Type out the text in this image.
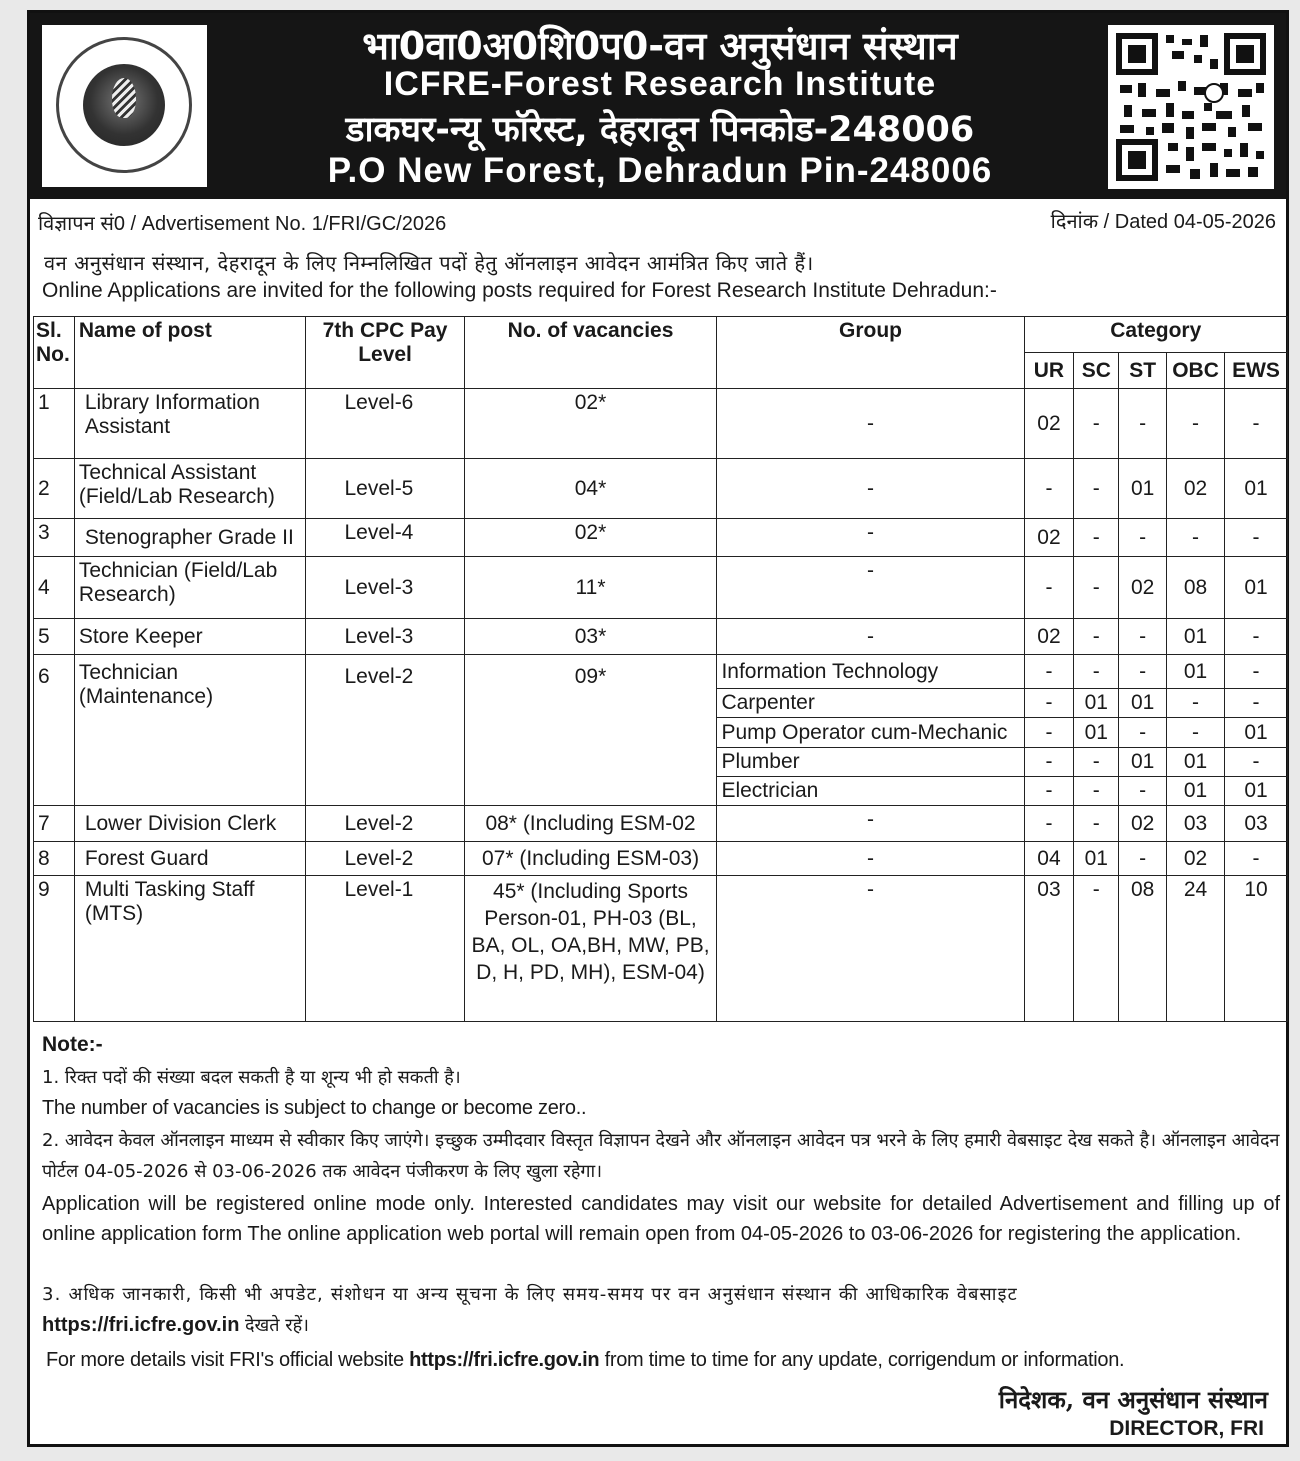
भा0वा0अ0शि0प0-वन अनुसंधान संस्थान
ICFRE-Forest Research Institute
डाकघर-न्यू फॉरेस्ट, देहरादून पिनकोड-248006
P.O New Forest, Dehradun Pin-248006
विज्ञापन सं0 / Advertisement No. 1/FRI/GC/2026	दिनांक / Dated 04-05-2026
वन अनुसंधान संस्थान, देहरादून के लिए निम्नलिखित पदों हेतु ऑनलाइन आवेदन आमंत्रित किए जाते हैं।
Online Applications are invited for the following posts required for Forest Research Institute Dehradun:-
Sl. No.	Name of post	7th CPC Pay Level	No. of vacancies	Group	Category				
					UR	SC	ST	OBC	EWS
1	Library Information Assistant	Level-6	02*	-	02	-	-	-	-
2	Technical Assistant (Field/Lab Research)	Level-5	04*	-	-	-	01	02	01
3	Stenographer Grade II	Level-4	02*	-	02	-	-	-	-
4	Technician (Field/Lab Research)	Level-3	11*	-	-	-	02	08	01
5	Store Keeper	Level-3	03*	-	02	-	-	01	-
6	Technician (Maintenance)	Level-2	09*	Information Technology	-	-	-	01	-
				Carpenter	-	01	01	-	-
				Pump Operator cum-Mechanic	-	01	-	-	01
				Plumber	-	-	01	01	-
				Electrician	-	-	-	01	01
7	Lower Division Clerk	Level-2	08* (Including ESM-02	-	-	-	02	03	03
8	Forest Guard	Level-2	07* (Including ESM-03)	-	04	01	-	02	-
9	Multi Tasking Staff (MTS)	Level-1	45* (Including Sports Person-01, PH-03 (BL, BA, OL, OA,BH, MW, PB, D, H, PD, MH), ESM-04)	-	03	-	08	24	10
Note:-
1. रिक्त पदों की संख्या बदल सकती है या शून्य भी हो सकती है।
The number of vacancies is subject to change or become zero..
2. आवेदन केवल ऑनलाइन माध्यम से स्वीकार किए जाएंगे। इच्छुक उम्मीदवार विस्तृत विज्ञापन देखने और ऑनलाइन आवेदन पत्र भरने के लिए हमारी वेबसाइट देख सकते है। ऑनलाइन आवेदन पोर्टल 04-05-2026 से 03-06-2026 तक आवेदन पंजीकरण के लिए खुला रहेगा।
Application will be registered online mode only. Interested candidates may visit our website for detailed Advertisement and filling up of online application form The online application web portal will remain open from 04-05-2026 to 03-06-2026 for registering the application.
3. अधिक जानकारी, किसी भी अपडेट, संशोधन या अन्य सूचना के लिए समय-समय पर वन अनुसंधान संस्थान की आधिकारिक वेबसाइट
https://fri.icfre.gov.in देखते रहें।
For more details visit FRI's official website https://fri.icfre.gov.in from time to time for any update, corrigendum or information.
निदेशक, वन अनुसंधान संस्थान
DIRECTOR, FRI
